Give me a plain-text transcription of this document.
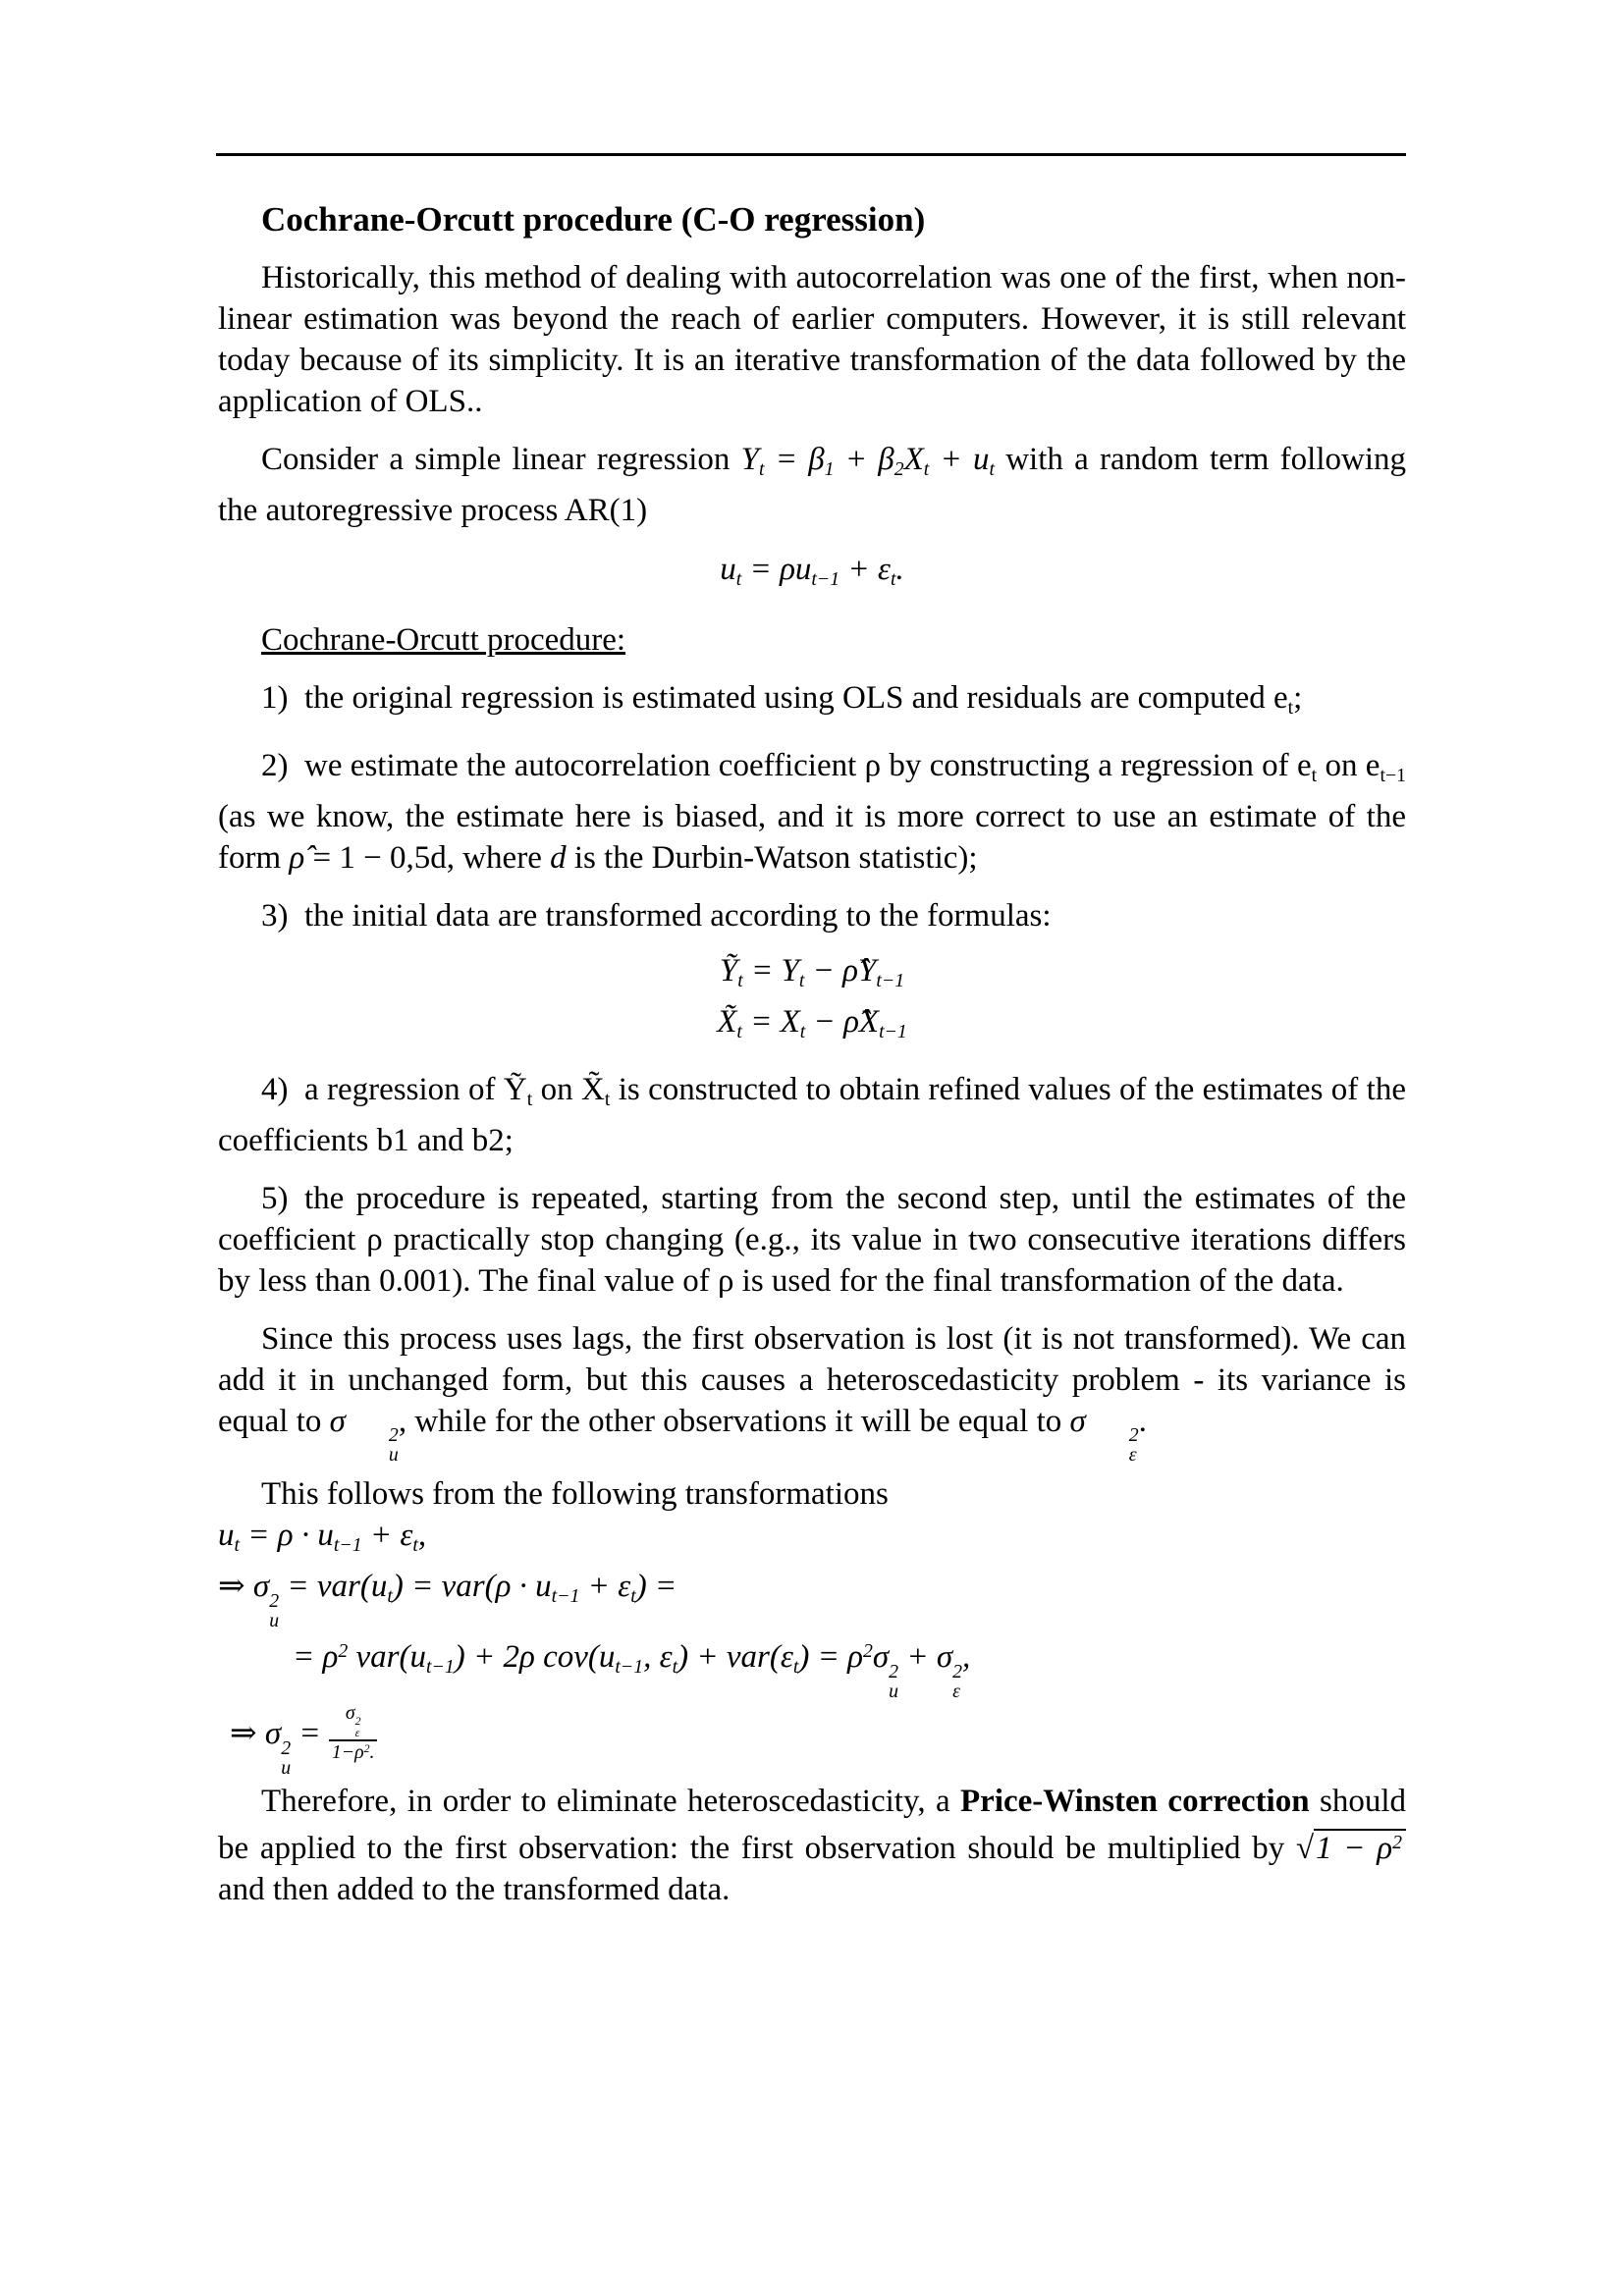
Cochrane-Orcutt procedure (C-O regression)

Historically, this method of dealing with autocorrelation was one of the first, when non-linear estimation was beyond the reach of earlier computers. However, it is still relevant today because of its simplicity. It is an iterative transformation of the data followed by the application of OLS..

Consider a simple linear regression Yt = β1 + β2Xt + ut with a random term following the autoregressive process AR(1)

ut = ρut−1 + εt.

Cochrane-Orcutt procedure:

1) the original regression is estimated using OLS and residuals are computed et;

2) we estimate the autocorrelation coefficient ρ by constructing a regression of et on et−1 (as we know, the estimate here is biased, and it is more correct to use an estimate of the form ρ̂ = 1 − 0,5d, where d is the Durbin-Watson statistic);

3) the initial data are transformed according to the formulas:

Ỹt = Yt − ρ̂Yt−1
X̃t = Xt − ρ̂Xt−1

4) a regression of Ỹt on X̃t is constructed to obtain refined values of the estimates of the coefficients b1 and b2;

5) the procedure is repeated, starting from the second step, until the estimates of the coefficient ρ practically stop changing (e.g., its value in two consecutive iterations differs by less than 0.001). The final value of ρ is used for the final transformation of the data.

Since this process uses lags, the first observation is lost (it is not transformed). We can add it in unchanged form, but this causes a heteroscedasticity problem - its variance is equal to σ	2
u
, while for the other observations it will be equal to σ	2
ε
.

This follows from the following transformations

ut = ρ · ut−1 + εt,

⇒ σ 2
u
= var(ut) = var(ρ · ut−1 + εt) =

= $\rho^2$ var(ut−1) + 2ρ cov(ut−1, $\varepsilon t) + var(\varepsilon t) = \rho^2\sigma$ 2
u
+ σ 2
ε
,

⇒ σ 2
u
= σ 2
ε
$1-\rho^2$.

Therefore, in order to eliminate heteroscedasticity, a Price-Winsten correction should be applied to the first observation: the first observation should be multiplied by $√1 - \rho^2$ and then added to the transformed data.
